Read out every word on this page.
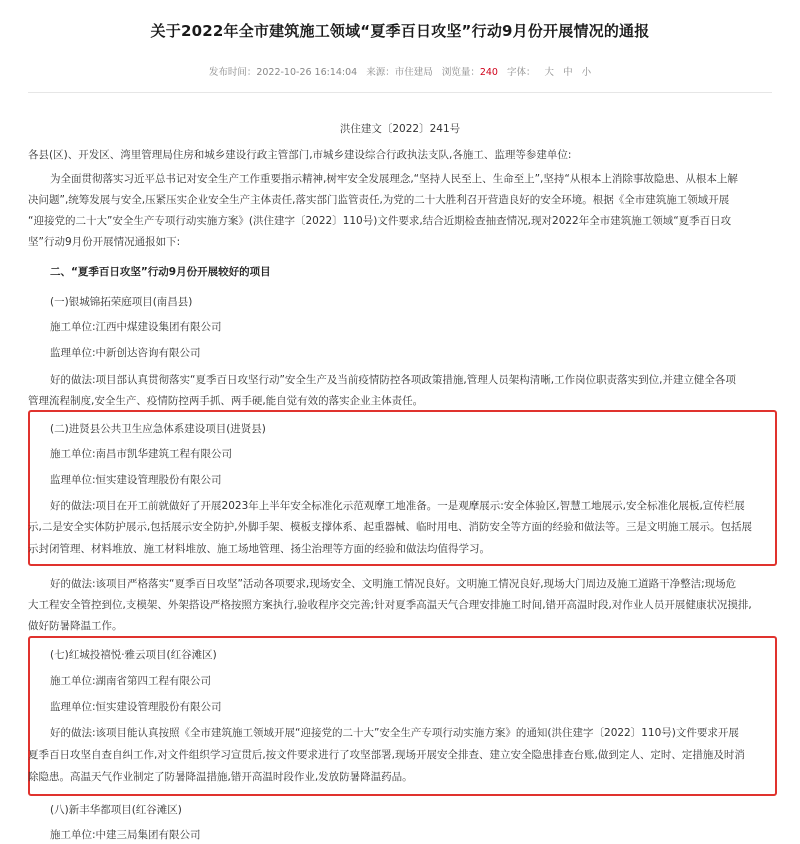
关于2022年全市建筑施工领域“夏季百日攻坚”行动9月份开展情况的通报
发布时间：2022-10-26 16:14:04 来源：市住建局 浏览量：240 字体： 大 中 小
洪住建文〔2022〕241号
各县(区)、开发区、湾里管理局住房和城乡建设行政主管部门,市城乡建设综合行政执法支队,各施工、监理等参建单位:
为全面贯彻落实习近平总书记对安全生产工作重要指示精神,树牢安全发展理念,“坚持人民至上、生命至上”,坚持“从根本上消除事故隐患、从根本上解
决问题”,统筹发展与安全,压紧压实企业安全生产主体责任,落实部门监管责任,为党的二十大胜利召开营造良好的安全环境。根据《全市建筑施工领域开展
“迎接党的二十大”安全生产专项行动实施方案》(洪住建字〔2022〕110号)文件要求,结合近期检查抽查情况,现对2022年全市建筑施工领域“夏季百日攻
坚”行动9月份开展情况通报如下:
二、“夏季百日攻坚”行动9月份开展较好的项目
(一)银城锦拓荣庭项目(南昌县)
施工单位:江西中煤建设集团有限公司
监理单位:中新创达咨询有限公司
好的做法:项目部认真贯彻落实“夏季百日攻坚行动”安全生产及当前疫情防控各项政策措施,管理人员架构清晰,工作岗位职责落实到位,并建立健全各项
管理流程制度,安全生产、疫情防控两手抓、两手硬,能自觉有效的落实企业主体责任。
(二)进贤县公共卫生应急体系建设项目(进贤县)
施工单位:南昌市凯华建筑工程有限公司
监理单位:恒实建设管理股份有限公司
好的做法:项目在开工前就做好了开展2023年上半年安全标准化示范观摩工地准备。一是观摩展示:安全体验区,智慧工地展示,安全标准化展板,宣传栏展
示,二是安全实体防护展示,包括展示安全防护,外脚手架、模板支撑体系、起重器械、临时用电、消防安全等方面的经验和做法等。三是文明施工展示。包括展
示封闭管理、材料堆放、施工材料堆放、施工场地管理、扬尘治理等方面的经验和做法均值得学习。
好的做法:该项目严格落实“夏季百日攻坚”活动各项要求,现场安全、文明施工情况良好。文明施工情况良好,现场大门周边及施工道路干净整洁;现场危
大工程安全管控到位,支模架、外架搭设严格按照方案执行,验收程序交完善;针对夏季高温天气合理安排施工时间,错开高温时段,对作业人员开展健康状况摸排,
做好防暑降温工作。
(七)红城投禧悦·雅云项目(红谷滩区)
施工单位:湖南省第四工程有限公司
监理单位:恒实建设管理股份有限公司
好的做法:该项目能认真按照《全市建筑施工领域开展“迎接党的二十大”安全生产专项行动实施方案》的通知(洪住建字〔2022〕110号)文件要求开展
夏季百日攻坚自查自纠工作,对文件组织学习宣贯后,按文件要求进行了攻坚部署,现场开展安全排查、建立安全隐患排查台账,做到定人、定时、定措施及时消
除隐患。高温天气作业制定了防暑降温措施,错开高温时段作业,发放防暑降温药品。
(八)新丰华都项目(红谷滩区)
施工单位:中建三局集团有限公司
